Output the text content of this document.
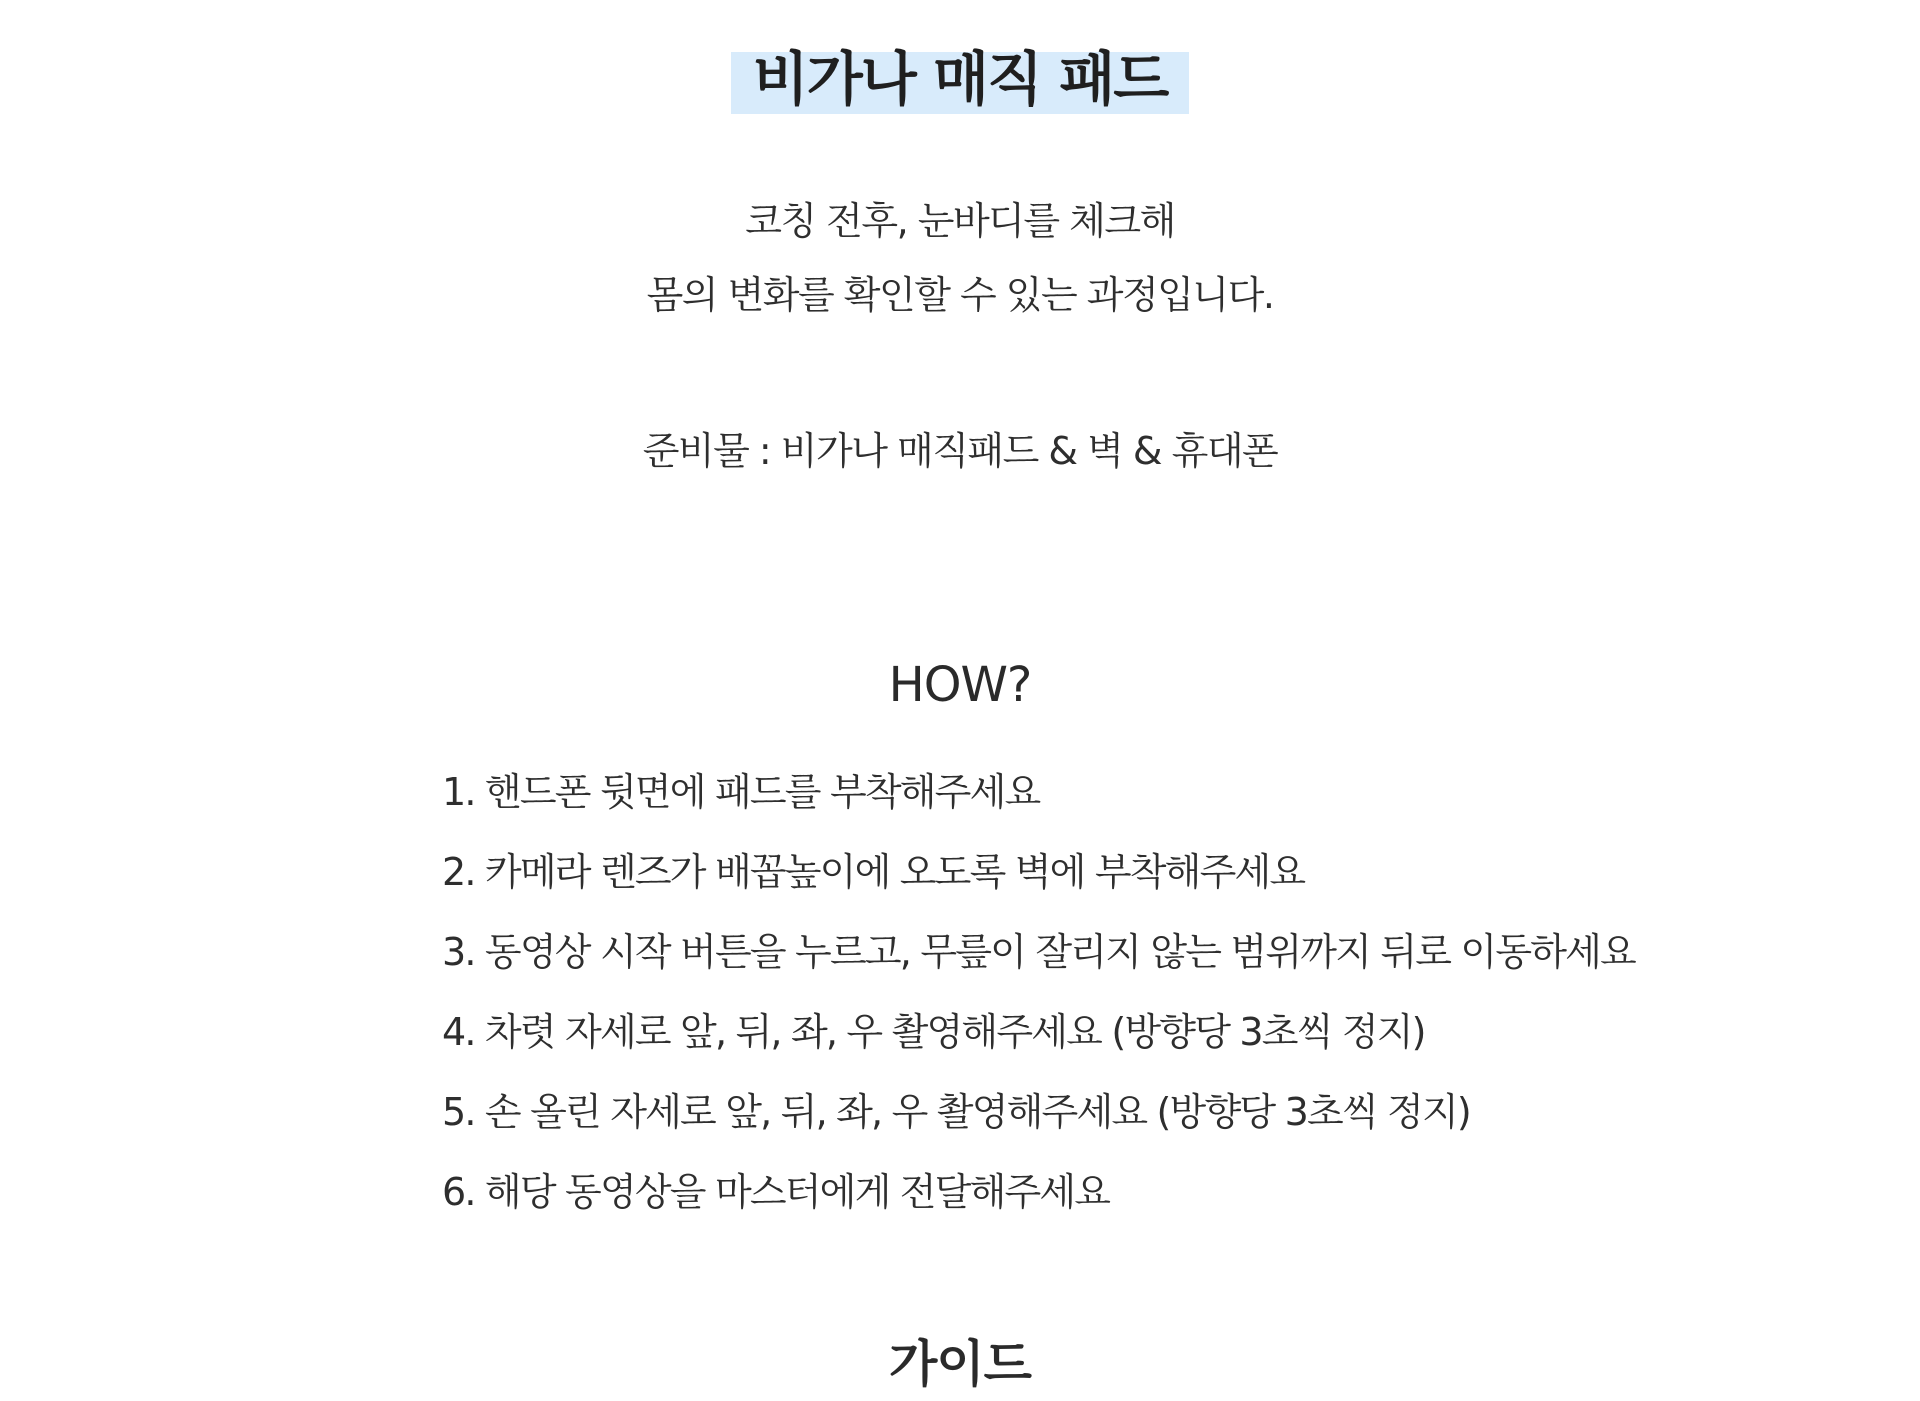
비가나 매직 패드
코칭 전후, 눈바디를 체크해
몸의 변화를 확인할 수 있는 과정입니다.
준비물 : 비가나 매직패드 & 벽 & 휴대폰
HOW?
1. 핸드폰 뒷면에 패드를 부착해주세요
2. 카메라 렌즈가 배꼽높이에 오도록 벽에 부착해주세요
3. 동영상 시작 버튼을 누르고, 무릎이 잘리지 않는 범위까지 뒤로 이동하세요
4. 차렷 자세로 앞, 뒤, 좌, 우 촬영해주세요 (방향당 3초씩 정지)
5. 손 올린 자세로 앞, 뒤, 좌, 우 촬영해주세요 (방향당 3초씩 정지)
6. 해당 동영상을 마스터에게 전달해주세요
가이드
